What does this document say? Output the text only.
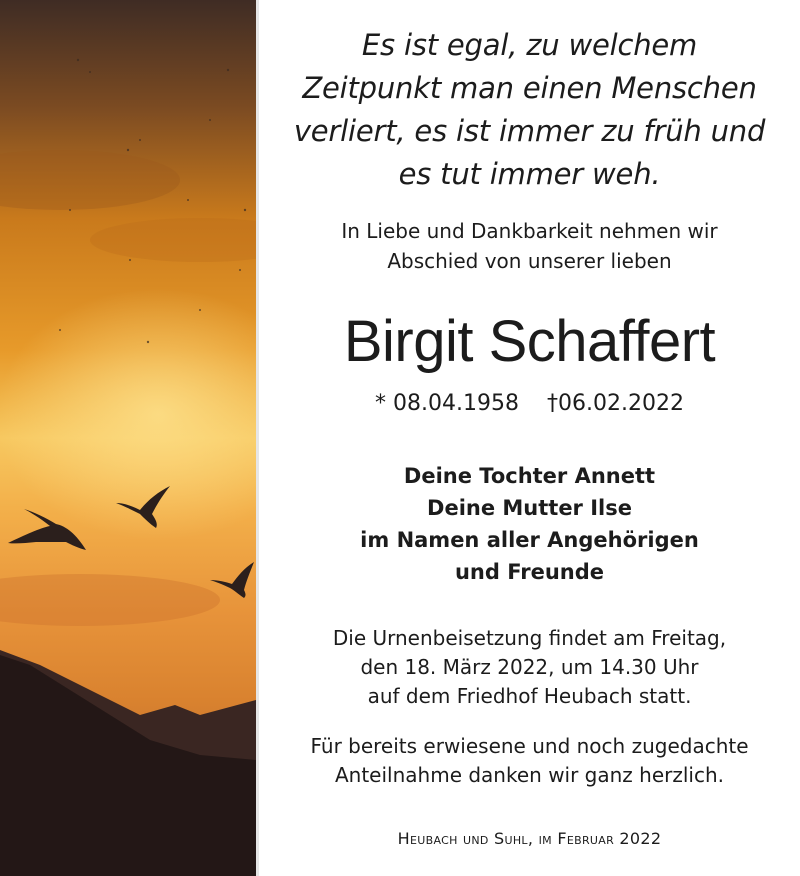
Es ist egal, zu welchem
Zeitpunkt man einen Menschen
verliert, es ist immer zu früh und
es tut immer weh.
In Liebe und Dankbarkeit nehmen wir
Abschied von unserer lieben
Birgit Schaffert
* 08.04.1958 †06.02.2022
Deine Tochter Annett
Deine Mutter Ilse
im Namen aller Angehörigen
und Freunde
Die Urnenbeisetzung findet am Freitag,
den 18. März 2022, um 14.30 Uhr
auf dem Friedhof Heubach statt.
Für bereits erwiesene und noch zugedachte
Anteilnahme danken wir ganz herzlich.
Heubach und Suhl, im Februar 2022
